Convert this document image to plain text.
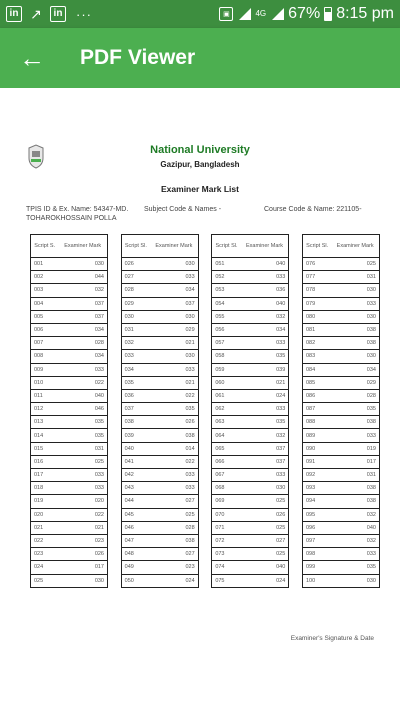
in ↗	in ···	▣	4G 67% 8:15 pm
← PDF Viewer
National University
Gazipur, Bangladesh
Examiner Mark List
TPIS ID & Ex. Name: 54347-MD. Subject Code & Names -	Course Code & Name: 221105-
TOHAROKHOSSAIN POLLA
Script S.	Examiner Mark
001	030
002	044
003	032
004	037
005	037
006	034
007	028
008	034
009	033
010	022
011	040
012	046
013	035
014	035
015	031
016	025
017	033
018	033
019	020
020	022
021	021
022	023
023	026
024	017
025	030
Script Sl.	Examiner Mark
026	030
027	033
028	034
029	037
030	030
031	029
032	021
033	030
034	033
035	021
036	022
037	035
038	026
039	038
040	014
041	022
042	033
043	033
044	027
045	025
046	028
047	038
048	027
049	023
050	024
Script Sl.	Examiner Mark
051	040
052	033
053	036
054	040
055	032
056	034
057	033
058	035
059	039
060	021
061	024
062	033
063	035
064	032
065	037
066	037
067	033
068	030
069	025
070	026
071	025
072	027
073	025
074	040
075	024
Script Sl.	Examiner Mark
076	025
077	031
078	030
079	033
080	030
081	038
082	038
083	030
084	034
085	029
086	028
087	035
088	038
089	033
090	019
091	017
092	031
093	038
094	038
095	032
096	040
097	032
098	033
099	035
100	030
Examiner's Signature & Date
